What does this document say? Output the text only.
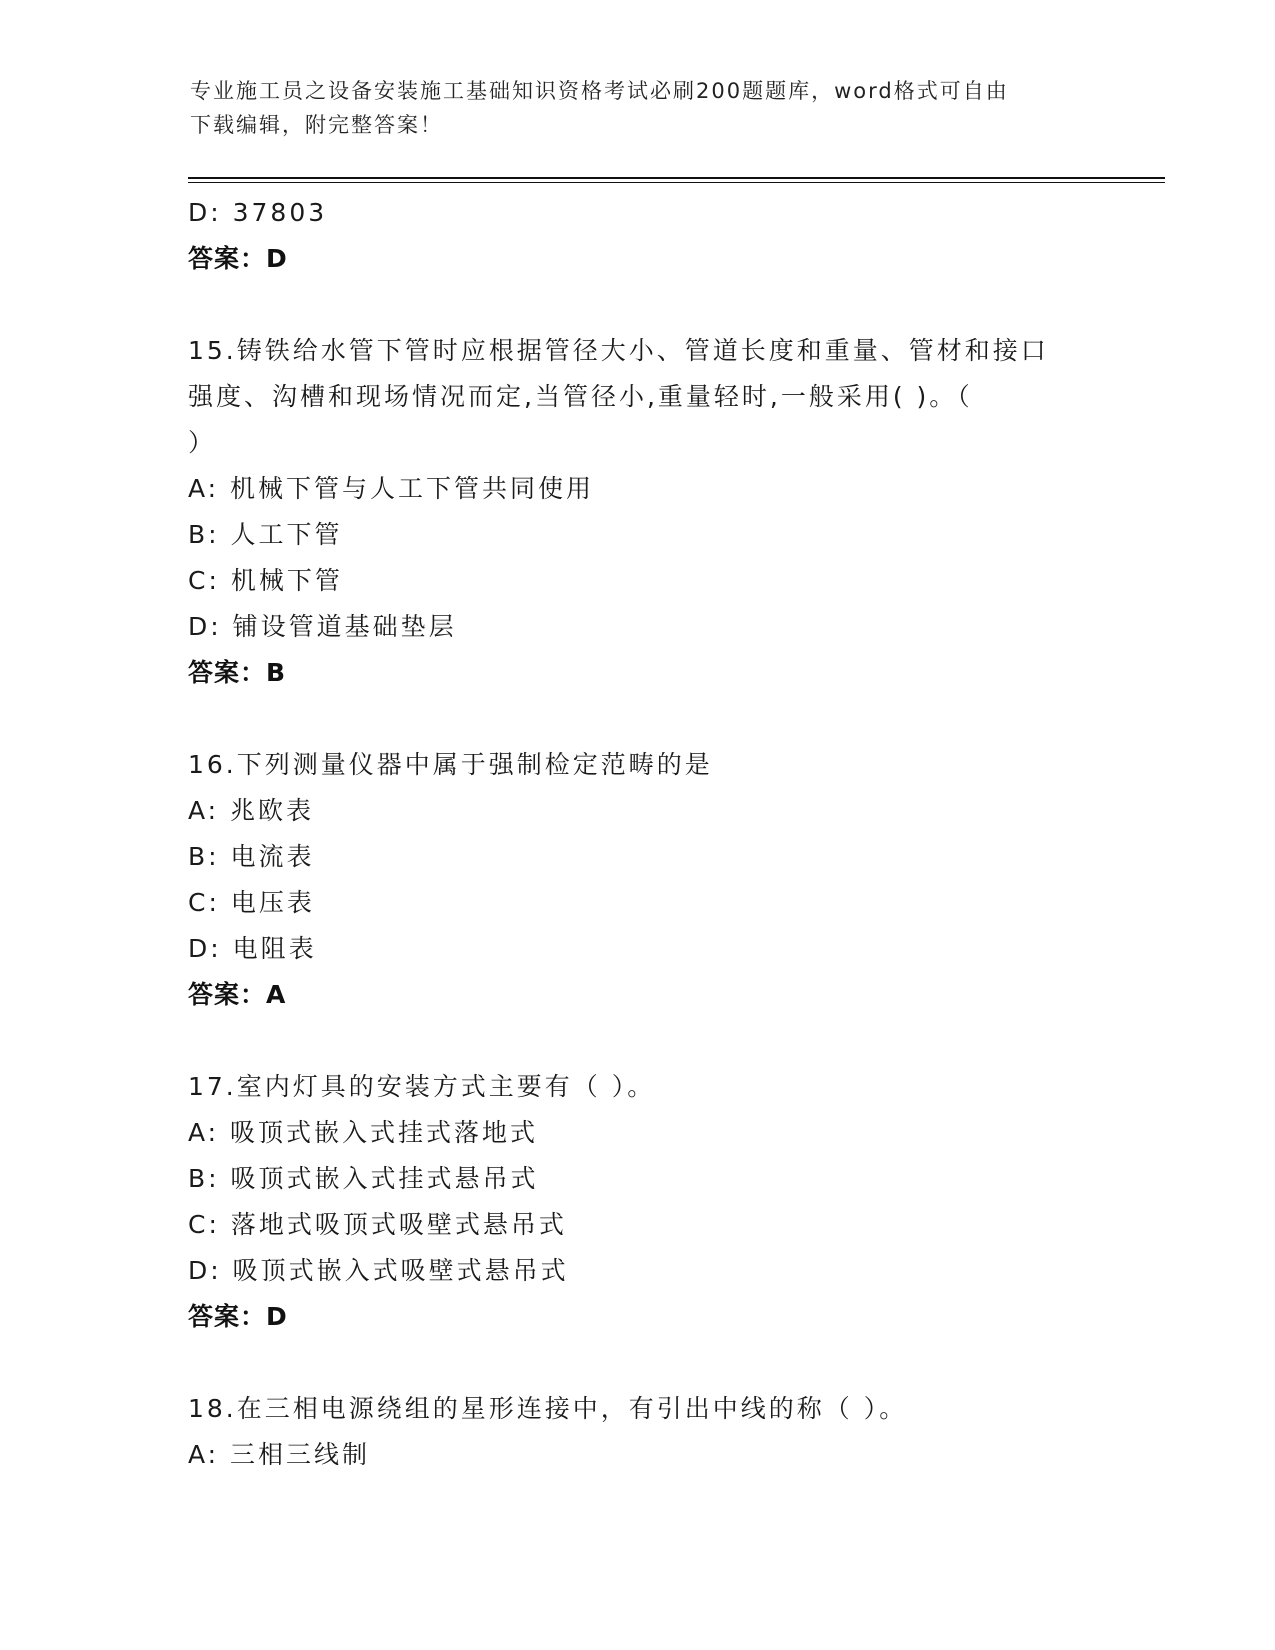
专业施工员之设备安装施工基础知识资格考试必刷200题题库，word格式可自由
下载编辑，附完整答案！
D: 37803
答案：D
15.铸铁给水管下管时应根据管径大小、管道长度和重量、管材和接口
强度、沟槽和现场情况而定,当管径小,重量轻时,一般采用( )。（
）
A: 机械下管与人工下管共同使用
B: 人工下管
C: 机械下管
D: 铺设管道基础垫层
答案：B
16.下列测量仪器中属于强制检定范畴的是
A: 兆欧表
B: 电流表
C: 电压表
D: 电阻表
答案：A
17.室内灯具的安装方式主要有（ ）。
A: 吸顶式嵌入式挂式落地式
B: 吸顶式嵌入式挂式悬吊式
C: 落地式吸顶式吸壁式悬吊式
D: 吸顶式嵌入式吸壁式悬吊式
答案：D
18.在三相电源绕组的星形连接中，有引出中线的称（ ）。
A: 三相三线制
